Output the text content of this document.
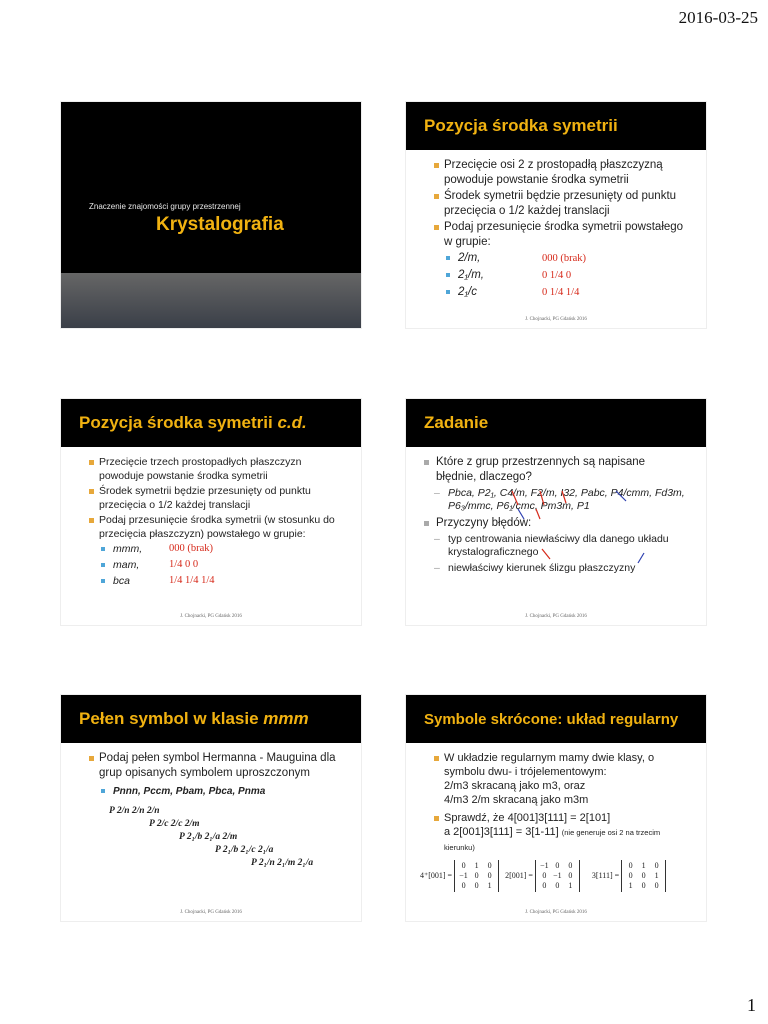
2016-03-25
Znaczenie znajomości grupy przestrzennej
Krystalografia
Pozycja środka symetrii
Przecięcie osi 2 z prostopadłą płaszczyzną powoduje powstanie środka symetrii
Środek symetrii będzie przesunięty od punktu przecięcia o 1/2 każdej translacji
Podaj przesunięcie środka symetrii powstałego w grupie:
2/m,	000 (brak)
2₁/m,	0 1/4 0
2₁/c	0 1/4 1/4
J. Chojnacki, PG Gdańsk 2016
Pozycja środka symetrii
c.d.
Przecięcie trzech prostopadłych płaszczyzn powoduje powstanie środka symetrii
Środek symetrii będzie przesunięty od punktu przecięcia o 1/2 każdej translacji
Podaj przesunięcie środka symetrii (w stosunku do przecięcia płaszczyzn) powstałego w grupie:
mmm,	000 (brak)
mam,	1/4 0 0
bca	1/4 1/4 1/4
J. Chojnacki, PG Gdańsk 2016
Zadanie
Które z grup przestrzennych są napisane błędnie, dlaczego?
– Pbca, P2₁, C4/m, F2/m, I32, Pabc, P4/cmm, Fd3m, P6₃/mmc, P6₁/cmc, Pm3m, P1
Przyczyny błędów:
– typ centrowania niewłaściwy dla danego układu krystalograficznego
– niewłaściwy kierunek ślizgu płaszczyzny
J. Chojnacki, PG Gdańsk 2016
Pełen symbol w klasie
mmm
Podaj pełen symbol Hermanna - Mauguina dla grup opisanych symbolem uproszczonym
Pnnn, Pccm, Pbam, Pbca, Pnma
P 2/n 2/n 2/n
P 2/c 2/c 2/m
P 2₁/b 2₁/a 2/m
P 2₁/b 2₁/c 2₁/a
P 2₁/n 2₁/m 2₁/a
J. Chojnacki, PG Gdańsk 2016
Symbole skrócone: układ regularny
W układzie regularnym mamy dwie klasy, o symbolu dwu- i trójelementowym:
2/m3 skracaną jako m3, oraz
4/m3 2/m skracaną jako m3m
Sprawdź, że 4[001]3[111] = 2[101]
a 2[001]3[111] = 3[1-11] (nie generuje osi 2 na trzecim kierunku)
4⁺[001] =
0	1	0
−1 0	0
0	0	1
2[001] =
−1 0	0
0 −1 0
0	0	1
3[111] =
0	1	0
0	0	1
1	0	0
J. Chojnacki, PG Gdańsk 2016
1
